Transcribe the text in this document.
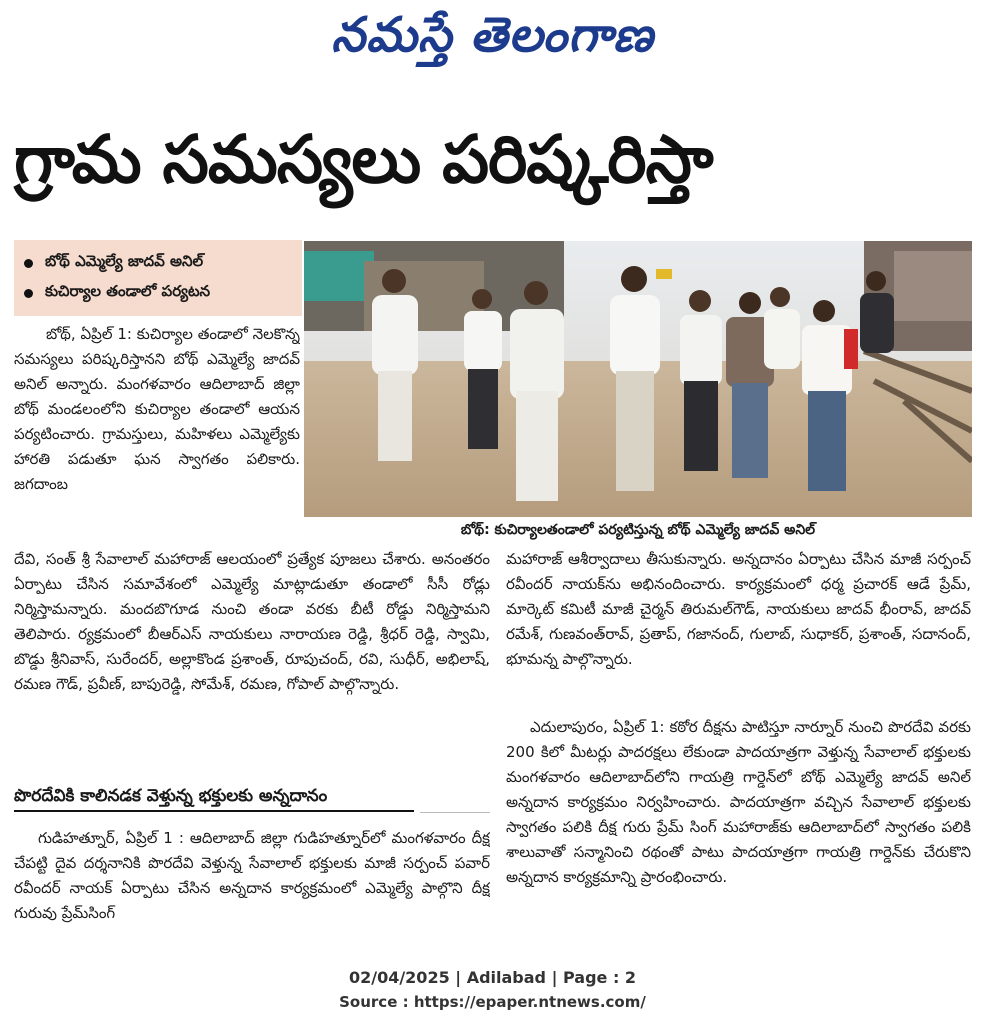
నమస్తే తెలంగాణ
గ్రామ సమస్యలు పరిష్కరిస్తా
బోథ్ ఎమ్మెల్యే జాదవ్ అనిల్
కుచిర్యాల తండాలో పర్యటన
బోథ్: కుచిర్యాలతండాలో పర్యటిస్తున్న బోథ్ ఎమ్మెల్యే జాదవ్ అనిల్
బోథ్, ఏప్రిల్ 1: కుచిర్యాల తండాలో నెలకొన్న సమస్యలు పరిష్కరిస్తానని బోథ్ ఎమ్మెల్యే జాదవ్ అనిల్ అన్నారు. మంగళవారం ఆదిలాబాద్ జిల్లా బోథ్ మండలంలోని కుచిర్యాల తండాలో ఆయన పర్యటించారు. గ్రామస్తులు, మహిళలు ఎమ్మెల్యేకు హారతి పడుతూ ఘన స్వాగతం పలికారు. జగదాంబ
దేవి, సంత్ శ్రీ సేవాలాల్ మహారాజ్ ఆలయంలో ప్రత్యేక పూజలు చేశారు. అనంతరం ఏర్పాటు చేసిన సమావేశంలో ఎమ్మెల్యే మాట్లాడుతూ తండాలో సీసీ రోడ్లు నిర్మిస్తామన్నారు. మందబొగూడ నుంచి తండా వరకు బీటీ రోడ్డు నిర్మిస్తామని తెలిపారు. ర్యక్రమంలో బీఆర్ఎస్ నాయకులు నారాయణ రెడ్డి, శ్రీధర్ రెడ్డి, స్వామి, బొడ్డు శ్రీనివాస్, సురేందర్, అల్లాకొండ ప్రశాంత్, రూపుచంద్, రవి, సుధీర్, అభిలాష్, రమణ గౌడ్, ప్రవీణ్, బాపురెడ్డి, సోమేశ్, రమణ, గోపాల్ పాల్గొన్నారు.
మహారాజ్ ఆశీర్వాదాలు తీసుకున్నారు. అన్నదానం ఏర్పాటు చేసిన మాజీ సర్పంచ్ రవీందర్ నాయక్‌ను అభినందించారు. కార్యక్రమంలో ధర్మ ప్రచారక్ ఆడే ప్రేమ్, మార్కెట్ కమిటీ మాజీ చైర్మన్ తిరుమల్‌గౌడ్, నాయకులు జాదవ్ భీంరావ్, జాదవ్ రమేశ్, గుణవంత్‌రావ్, ప్రతాప్, గజానంద్, గులాబ్, సుధాకర్, ప్రశాంత్, సదానంద్, భూమన్న పాల్గొన్నారు.
ఎదులాపురం, ఏప్రిల్ 1: కఠోర దీక్షను పాటిస్తూ నార్నూర్ నుంచి పొరదేవి వరకు 200 కిలో మీటర్లు పాదరక్షలు లేకుండా పాదయాత్రగా వెళ్తున్న సేవాలాల్ భక్తులకు మంగళవారం ఆదిలాబాద్‌లోని గాయత్రి గార్డెన్‌లో బోథ్ ఎమ్మెల్యే జాదవ్ అనిల్ అన్నదాన కార్యక్రమం నిర్వహించారు. పాదయాత్రగా వచ్చిన సేవాలాల్ భక్తులకు స్వాగతం పలికి దీక్ష గురు ప్రేమ్ సింగ్ మహారాజ్‌కు ఆదిలాబాద్‌లో స్వాగతం పలికి శాలువాతో సన్మానించి రథంతో పాటు పాదయాత్రగా గాయత్రి గార్డెన్‌కు చేరుకొని అన్నదాన కార్యక్రమాన్ని ప్రారంభించారు.
పొరదేవికి కాలినడక వెళ్తున్న భక్తులకు అన్నదానం
గుడిహత్నూర్, ఏప్రిల్ 1 : ఆదిలాబాద్ జిల్లా గుడిహత్నూర్‌లో మంగళవారం దీక్ష చేపట్టి దైవ దర్శనానికి పొరదేవి వెళ్తున్న సేవాలాల్ భక్తులకు మాజీ సర్పంచ్ పవార్ రవీందర్ నాయక్ ఏర్పాటు చేసిన అన్నదాన కార్యక్రమంలో ఎమ్మెల్యే పాల్గొని దీక్ష గురువు ప్రేమ్‌సింగ్
02/04/2025 | Adilabad | Page : 2
Source : https://epaper.ntnews.com/
